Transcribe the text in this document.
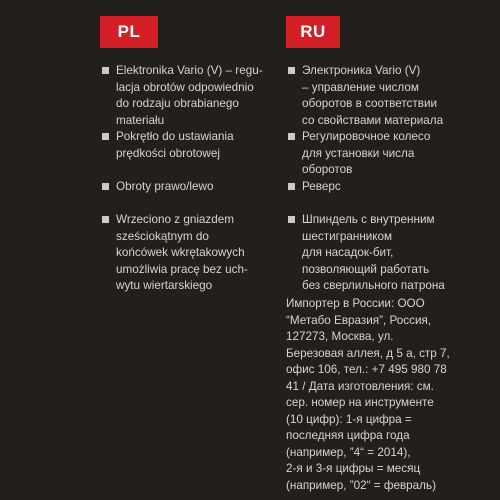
PL
Elektronika Vario (V) – regu-
lacja obrotów odpowiednio
do rodzaju obrabianego
materiału
Pokrętło do ustawiania
prędkości obrotowej
Obroty prawo/lewo
Wrzeciono z gniazdem
sześciokątnym do
końcówek wkrętakowych
umożliwia pracę bez uch-
wytu wiertarskiego
RU
Электроника Vario (V)
– управление числом
оборотов в соответствии
со свойствами материала
Регулировочное колесо
для установки числа
оборотов
Реверс
Шпиндель с внутренним
шестигранником
для насадок-бит,
позволяющий работать
без сверлильного патрона
Импортер в России: ООО
“Метабо Евразия”, Россия,
127273, Москва, ул.
Березовая аллея, д 5 а, стр 7,
офис 106, тел.: +7 495 980 78
41 / Дата изготовления: см.
сер. номер на инструменте
(10 цифр): 1-я цифра =
последняя цифра года
(например, ”4“ = 2014),
2-я и 3-я цифры = месяц
(например, ”02“ = февраль)
